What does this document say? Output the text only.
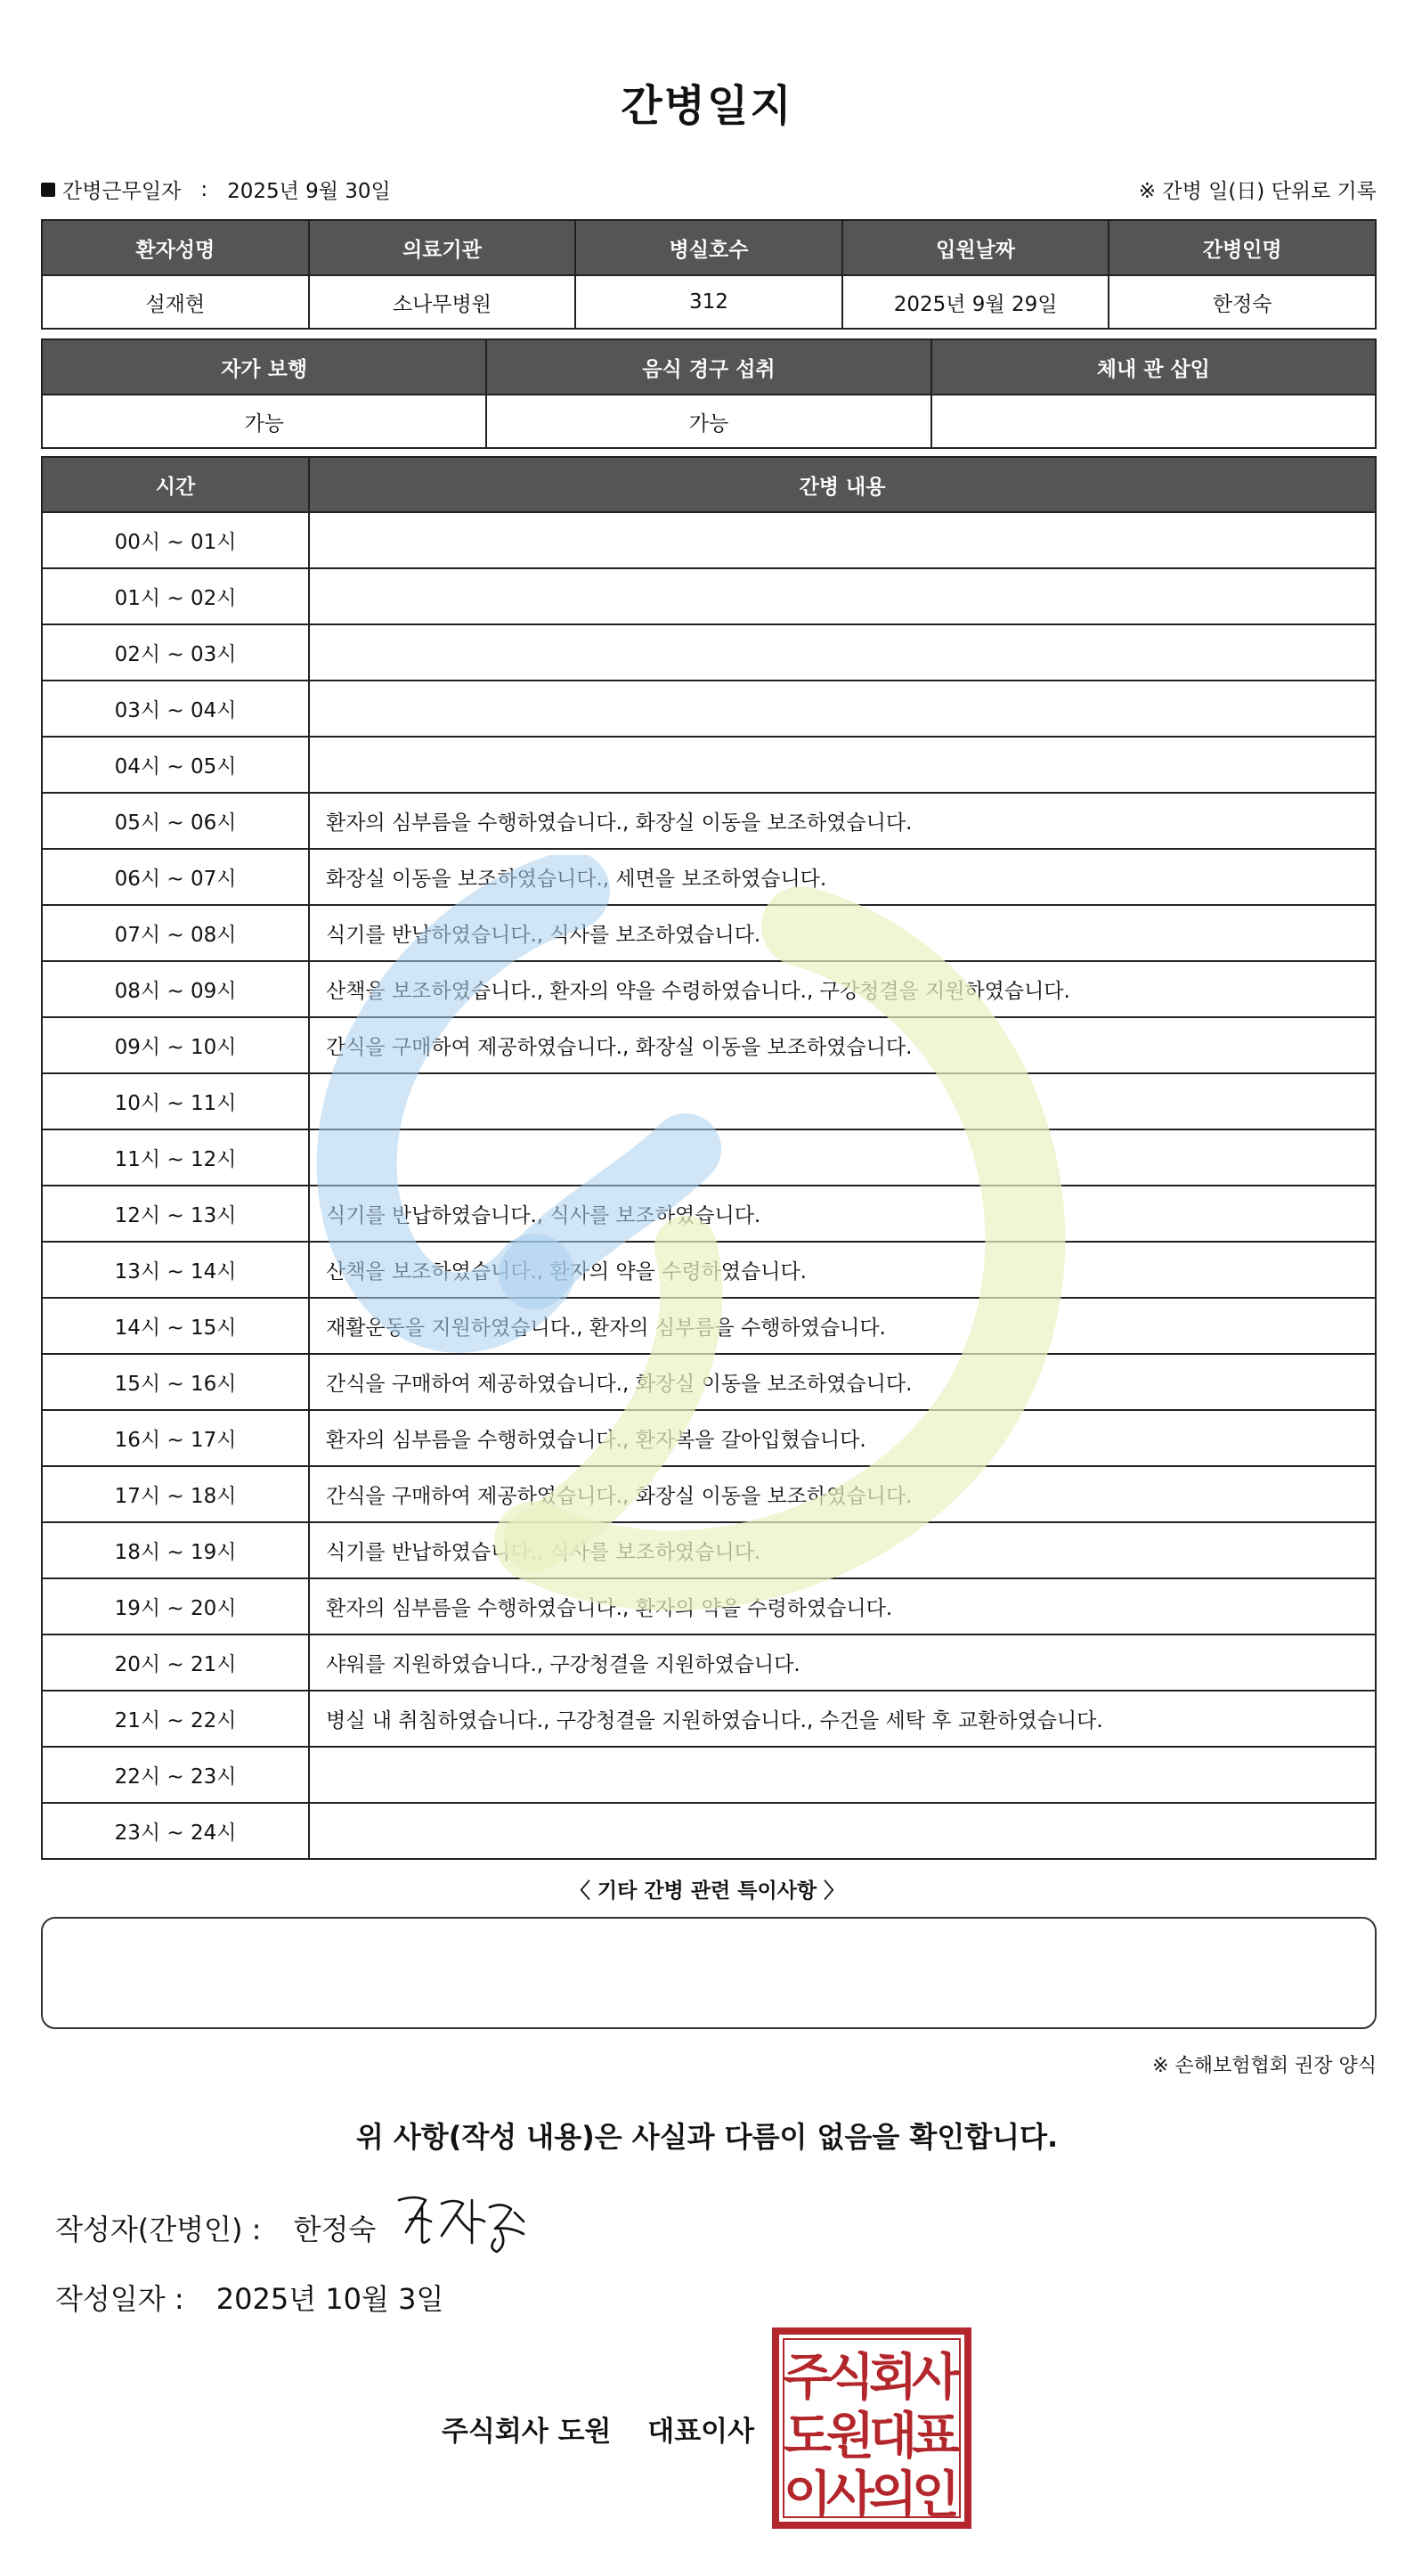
간병일지
간병근무일자 : 2025년 9월 30일	※ 간병 일(日) 단위로 기록
환자성명	의료기관	병실호수	입원날짜	간병인명
설재현	소나무병원	312	2025년 9월 29일	한정숙
자가 보행	음식 경구 섭취	체내 관 삽입
가능	가능	
시간	간병 내용
00시 ~ 01시	
01시 ~ 02시	
02시 ~ 03시	
03시 ~ 04시	
04시 ~ 05시	
05시 ~ 06시	환자의 심부름을 수행하였습니다., 화장실 이동을 보조하였습니다.
06시 ~ 07시	화장실 이동을 보조하였습니다., 세면을 보조하였습니다.
07시 ~ 08시	식기를 반납하였습니다., 식사를 보조하였습니다.
08시 ~ 09시	산책을 보조하였습니다., 환자의 약을 수령하였습니다., 구강청결을 지원하였습니다.
09시 ~ 10시	간식을 구매하여 제공하였습니다., 화장실 이동을 보조하였습니다.
10시 ~ 11시	
11시 ~ 12시	
12시 ~ 13시	식기를 반납하였습니다., 식사를 보조하였습니다.
13시 ~ 14시	산책을 보조하였습니다., 환자의 약을 수령하였습니다.
14시 ~ 15시	재활운동을 지원하였습니다., 환자의 심부름을 수행하였습니다.
15시 ~ 16시	간식을 구매하여 제공하였습니다., 화장실 이동을 보조하였습니다.
16시 ~ 17시	환자의 심부름을 수행하였습니다., 환자복을 갈아입혔습니다.
17시 ~ 18시	간식을 구매하여 제공하였습니다., 화장실 이동을 보조하였습니다.
18시 ~ 19시	식기를 반납하였습니다., 식사를 보조하였습니다.
19시 ~ 20시	환자의 심부름을 수행하였습니다., 환자의 약을 수령하였습니다.
20시 ~ 21시	샤워를 지원하였습니다., 구강청결을 지원하였습니다.
21시 ~ 22시	병실 내 취침하였습니다., 구강청결을 지원하였습니다., 수건을 세탁 후 교환하였습니다.
22시 ~ 23시	
23시 ~ 24시	
〈 기타 간병 관련 특이사항 〉
※ 손해보험협회 권장 양식
위 사항(작성 내용)은 사실과 다름이 없음을 확인합니다.
작성자(간병인) : 한정숙
작성일자 : 2025년 10월 3일
주식회사 도원 대표이사
주
식
회
사
도
원
대
표
이
사
의
인
